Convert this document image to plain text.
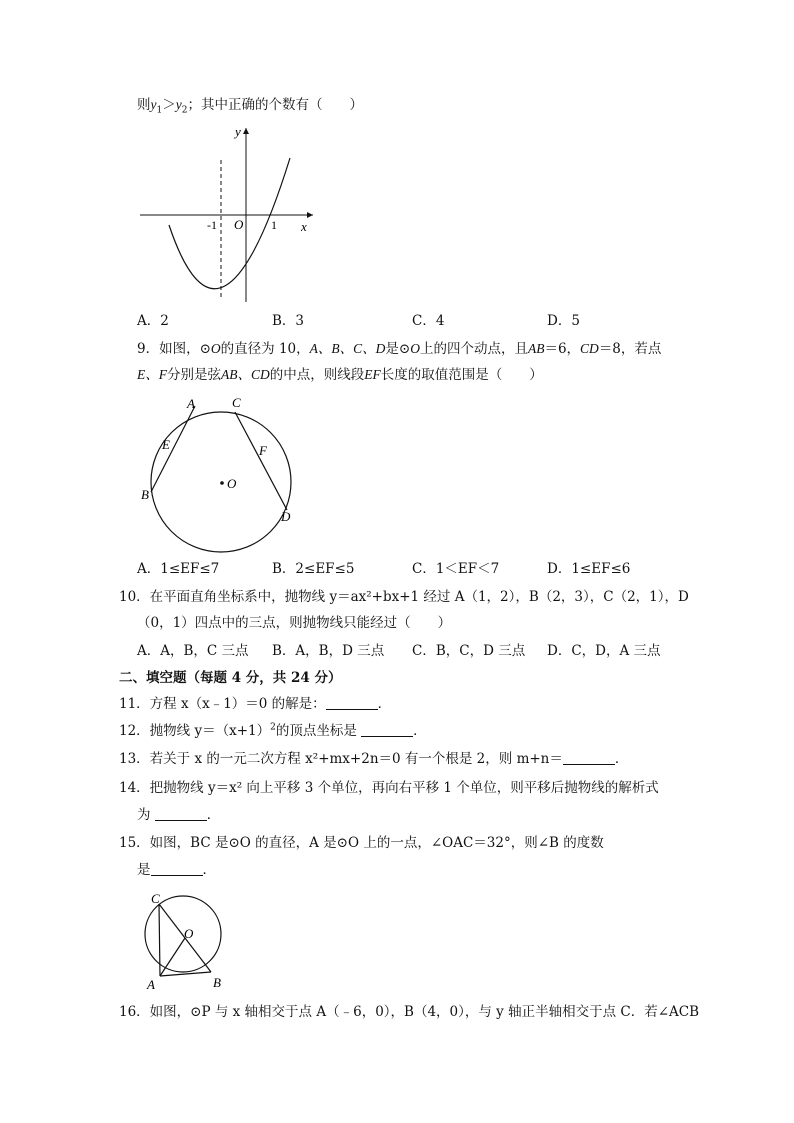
则$y_1>y_2$；其中正确的个数有（　　）
y
x
O
-1	1
A．2	B．3	C．4	D．5
9．如图，⊙O的直径为 10，A、B、C、D是⊙O上的四个动点，且AB＝6，CD＝8，若点
E、F分别是弦AB、CD的中点，则线段EF长度的取值范围是（　　）
A	C
E	F
O
B
D
A．1≤EF≤7	B．2≤EF≤5	C．1＜EF＜7	D．1≤EF≤6
10．在平面直角坐标系中，抛物线 y＝ax²+bx+1 经过 A（1，2），B（2，3），C（2，1），D
（0，1）四点中的三点，则抛物线只能经过（　　）
A．A，B，C 三点 B．A，B，D 三点 C．B，C，D 三点 D．C，D，A 三点
二、填空题（每题 4 分，共 24 分）
11．方程 x（x﹣1）＝0 的解是：	．
12．抛物线 $y=(x+1)^2$的顶点坐标是	．
13．若关于 x 的一元二次方程 x²+mx+2n＝0 有一个根是 2，则 m+n＝	．
14．把抛物线 y＝x² 向上平移 3 个单位，再向右平移 1 个单位，则平移后抛物线的解析式
为	．
15．如图，BC 是⊙O 的直径，A 是⊙O 上的一点，∠OAC＝32°，则∠B 的度数
是	．
C
O
A	B
16．如图，⊙P 与 x 轴相交于点 A（﹣6，0），B（4，0），与 y 轴正半轴相交于点 C．若∠ACB
